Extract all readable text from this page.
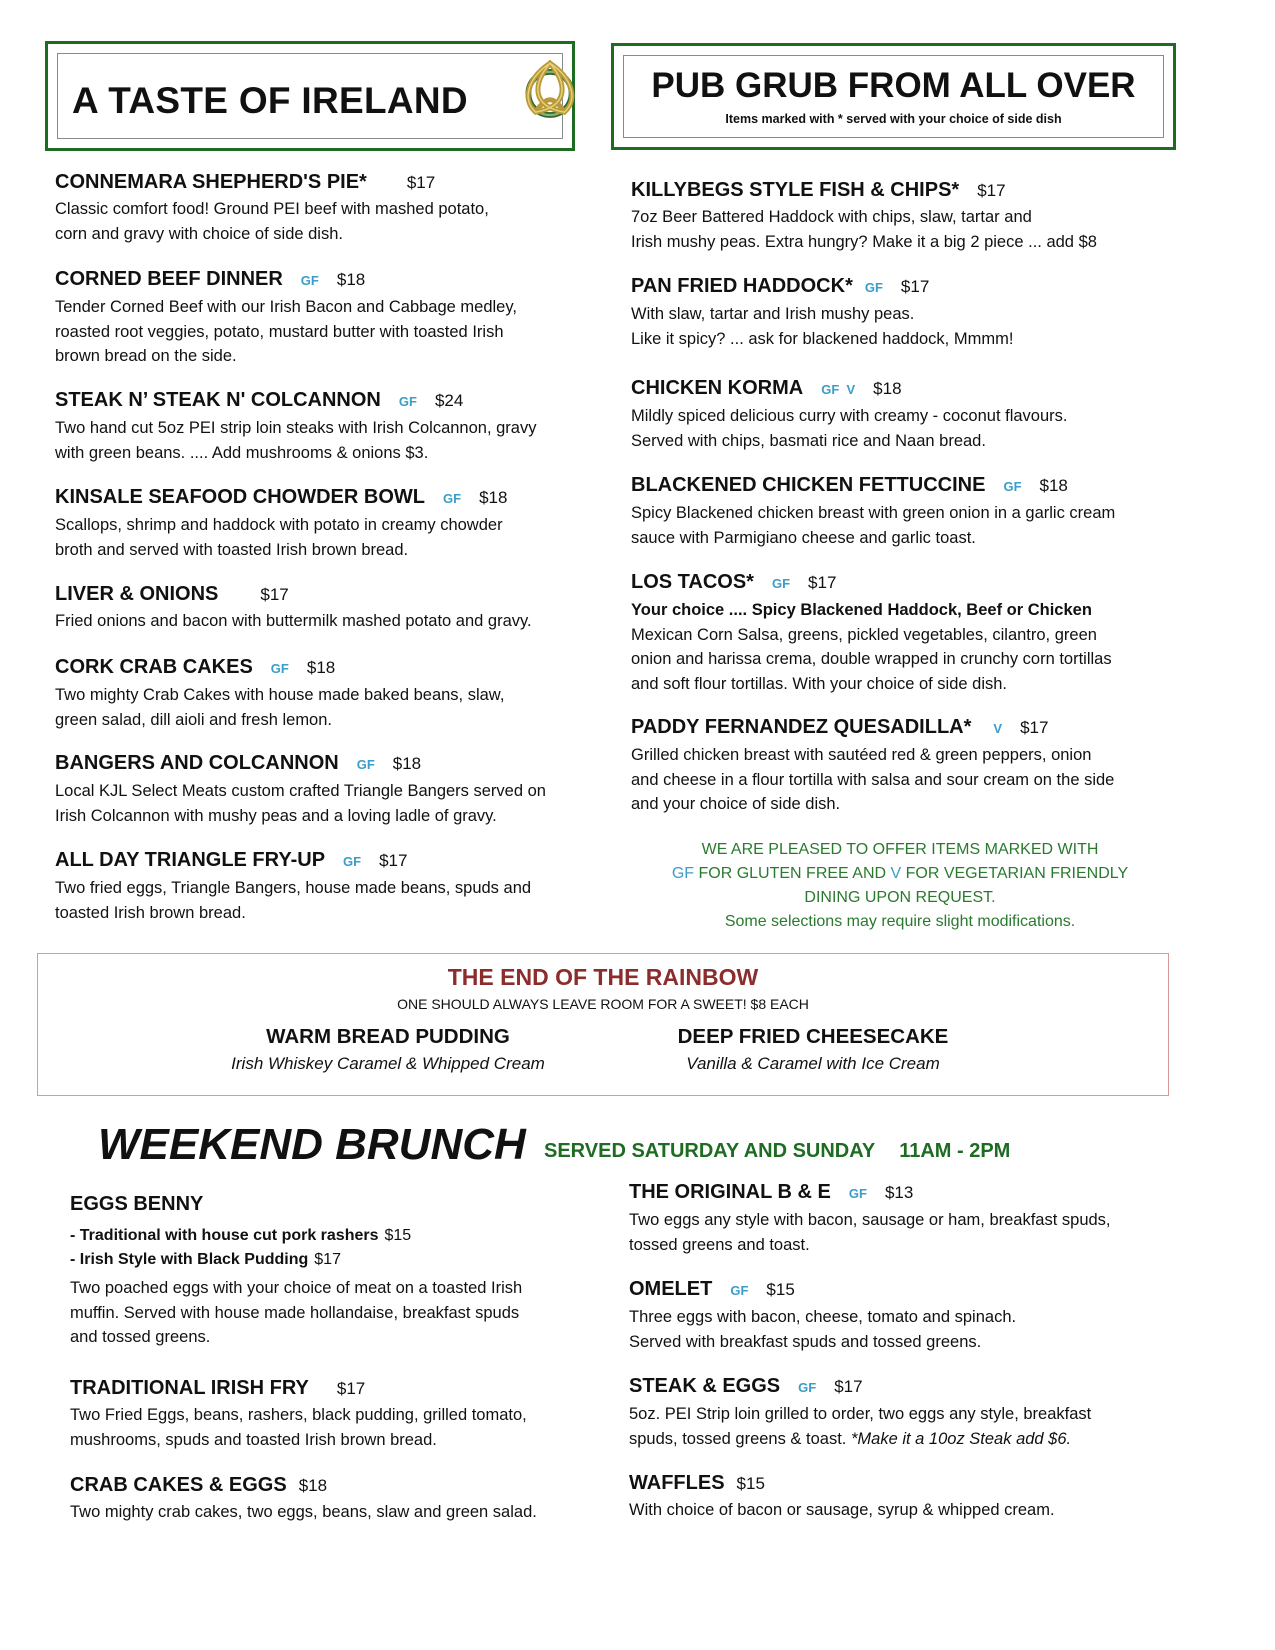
A TASTE OF IRELAND	PUB GRUB FROM ALL OVER
Items marked with * served with your choice of side dish
CONNEMARA SHEPHERD'S PIE* $17
Classic comfort food! Ground PEI beef with mashed potato,
corn and gravy with choice of side dish.
CORNED BEEF DINNER GF $18
Tender Corned Beef with our Irish Bacon and Cabbage medley,
roasted root veggies, potato, mustard butter with toasted Irish
brown bread on the side.
STEAK N’ STEAK N' COLCANNON GF $24
Two hand cut 5oz PEI strip loin steaks with Irish Colcannon, gravy
with green beans. .... Add mushrooms & onions $3.
KINSALE SEAFOOD CHOWDER BOWL GF $18
Scallops, shrimp and haddock with potato in creamy chowder
broth and served with toasted Irish brown bread.
LIVER & ONIONS $17
Fried onions and bacon with buttermilk mashed potato and gravy.
CORK CRAB CAKES GF $18
Two mighty Crab Cakes with house made baked beans, slaw,
green salad, dill aioli and fresh lemon.
BANGERS AND COLCANNON GF $18
Local KJL Select Meats custom crafted Triangle Bangers served on
Irish Colcannon with mushy peas and a loving ladle of gravy.
ALL DAY TRIANGLE FRY-UP GF $17
Two fried eggs, Triangle Bangers, house made beans, spuds and
toasted Irish brown bread.
KILLYBEGS STYLE FISH & CHIPS* $17
7oz Beer Battered Haddock with chips, slaw, tartar and
Irish mushy peas. Extra hungry? Make it a big 2 piece ... add $8
PAN FRIED HADDOCK* GF $17
With slaw, tartar and Irish mushy peas.
Like it spicy? ... ask for blackened haddock, Mmmm!
CHICKEN KORMA GF  V $18
Mildly spiced delicious curry with creamy - coconut flavours.
Served with chips, basmati rice and Naan bread.
BLACKENED CHICKEN FETTUCCINE GF $18
Spicy Blackened chicken breast with green onion in a garlic cream
sauce with Parmigiano cheese and garlic toast.
LOS TACOS* GF $17
Your choice .... Spicy Blackened Haddock, Beef or Chicken
Mexican Corn Salsa, greens, pickled vegetables, cilantro, green
onion and harissa crema, double wrapped in crunchy corn tortillas
and soft flour tortillas. With your choice of side dish.
PADDY FERNANDEZ QUESADILLA* V $17
Grilled chicken breast with sautéed red & green peppers, onion
and cheese in a flour tortilla with salsa and sour cream on the side
and your choice of side dish.
WE ARE PLEASED TO OFFER ITEMS MARKED WITH
GF FOR GLUTEN FREE AND V FOR VEGETARIAN FRIENDLY
DINING UPON REQUEST.
Some selections may require slight modifications.
THE END OF THE RAINBOW
ONE SHOULD ALWAYS LEAVE ROOM FOR A SWEET! $8 EACH
WARM BREAD PUDDING
Irish Whiskey Caramel & Whipped Cream
DEEP FRIED CHEESECAKE
Vanilla & Caramel with Ice Cream
WEEKEND BRUNCH SERVED SATURDAY AND SUNDAY 11AM - 2PM
EGGS BENNY
- Traditional with house cut pork rashers $15
- Irish Style with Black Pudding $17
Two poached eggs with your choice of meat on a toasted Irish
muffin. Served with house made hollandaise, breakfast spuds
and tossed greens.
TRADITIONAL IRISH FRY $17
Two Fried Eggs, beans, rashers, black pudding, grilled tomato,
mushrooms, spuds and toasted Irish brown bread.
CRAB CAKES & EGGS $18
Two mighty crab cakes, two eggs, beans, slaw and green salad.
THE ORIGINAL B & E GF $13
Two eggs any style with bacon, sausage or ham, breakfast spuds,
tossed greens and toast.
OMELET GF $15
Three eggs with bacon, cheese, tomato and spinach.
Served with breakfast spuds and tossed greens.
STEAK & EGGS GF $17
5oz. PEI Strip loin grilled to order, two eggs any style, breakfast
spuds, tossed greens & toast. *Make it a 10oz Steak add $6.
WAFFLES $15
With choice of bacon or sausage, syrup & whipped cream.
